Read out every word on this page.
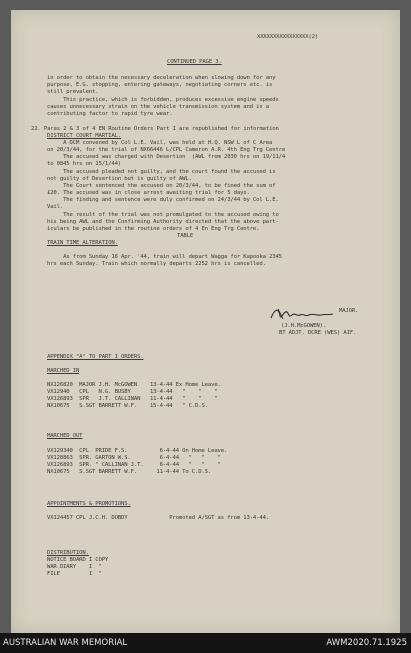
XXXXXXXXXXXXXXXX(2)
CONTINUED PAGE 3.
in order to obtain the necessary deceleration when slowing down for any
purpose, E.G. stopping, entering gateways, negotiating corners etc. is
still prevalent.
This practice, which is forbidden, produces excessive engine speeds
causes unnecessary strain on the vehicle transmission system and is a
contributing factor to rapid tyre wear.
22. Paras 2 & 3 of 4 EN Routine Orders Part I are republished for information
DISTRICT COURT MARTIAL.
A DCM convened by Col L.E. Vail, was held at H.Q. NSW L of C Area
on 20/3/44, for the trial of NX66446 L/CPL Cameron A.R. 4th Eng Trg Centre
The accused was charged with Desertion  (AWL from 2030 hrs on 19/11/4
to 0845 hrs on 15/1/44)
The accused pleaded not guilty, and the court found the accused is
not guilty of Desertion but is guilty of AWL.
The Court sentenced the accused on 20/3/44, to be fined the sum of
£20. The accused was in close arrest awaiting trial for 5 days.
The finding and sentence were duly confirmed on 24/3/44 by Col L.E.
Vail.
The result of the trial was not promulgated to the accused owing to
his being AWL and the Confirming Authority directed that the above part-
iculars be published in the routine orders of 4 En Eng Trg Centre.
TABLE
TRAIN TIME ALTERATION.
As from Sunday 16 Apr. '44, train will depart Wagga for Kapooka 2345
hrs each Sunday. Train which normally departs 2252 hrs is cancelled.
MAJOR.
(J.H.McGOWEN).
BT ADJT. DCRE (WES) AIF.
APPENDIX "A" TO PART I ORDERS.
MARCHED IN
NX126820  MAJOR J.H. McGOWEN    13-4-44 Ex Home Leave.
VX12940   CPL   N.G. BUSBY      13-4-44   "    "    "
VX126893  SPR   J.T. CALLINAN   11-4-44   "    "    "
NX10675   S.SGT BARRETT W.F.    15-4-44   " C.D.S.
MARCHED OUT
VX129340  CPL  PRIDE F.S.          6-4-44 On Home Leave.
VX128863  SPR. GARTON W.S.         6-4-44   "   "    "
VX126893  SPR. " CALLINAN J.T.     6-4-44   "   "    "
NX10675   S.SGT BARRETT W.F.      11-4-44 To C.D.S.
APPOINTMENTS & PROMOTIONS.
VX124457 CPL J.C.H. DOBDY             Promoted A/SGT as from 13-4-44.
DISTRIBUTION.
NOTICE BOARD I COPY
WAR DIARY    I  "
FILE         I  "
AUSTRALIAN WAR MEMORIAL	AWM2020.71.1925
